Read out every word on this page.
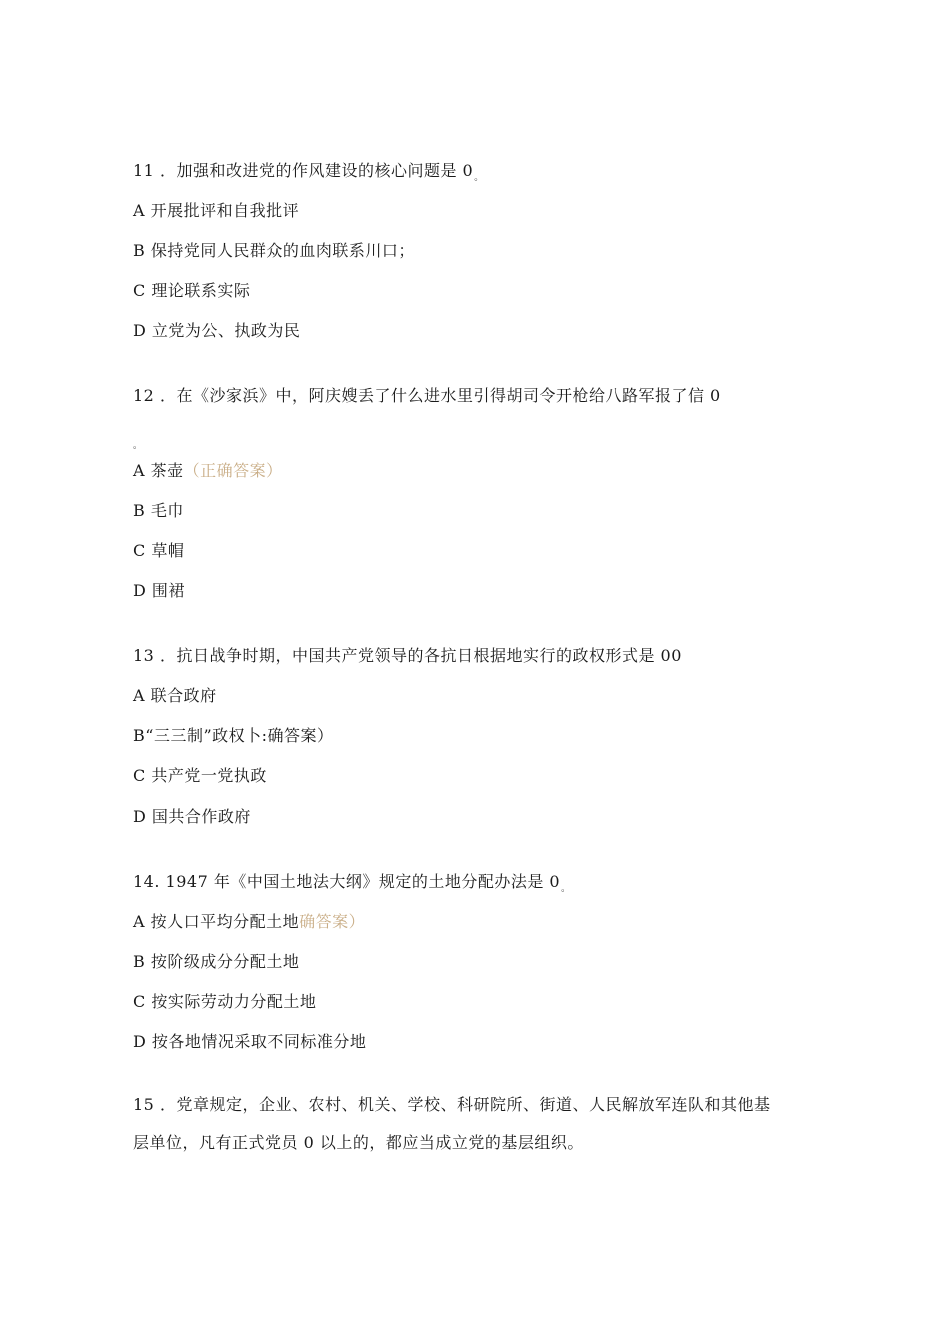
11 ．加强和改进党的作风建设的核心问题是 $0_。$
A 开展批评和自我批评
B 保持党同人民群众的血肉联系川口；
C 理论联系实际
D 立党为公、执政为民
12 ．在《沙家浜》中，阿庆嫂丢了什么进水里引得胡司令开枪给八路军报了信 0
$_。$
A 茶壶（正确答案）
B 毛巾
C 草帽
D 围裙
13 ．抗日战争时期，中国共产党领导的各抗日根据地实行的政权形式是 00
A 联合政府
B“三三制”政权卜:确答案）
C 共产党一党执政
D 国共合作政府
14. 1947 年《中国土地法大纲》规定的土地分配办法是 $0_。$
A 按人口平均分配土地确答案）
B 按阶级成分分配土地
C 按实际劳动力分配土地
D 按各地情况采取不同标准分地
15 ．党章规定，企业、农村、机关、学校、科研院所、街道、人民解放军连队和其他基
层单位，凡有正式党员 0 以上的，都应当成立党的基层组织。
